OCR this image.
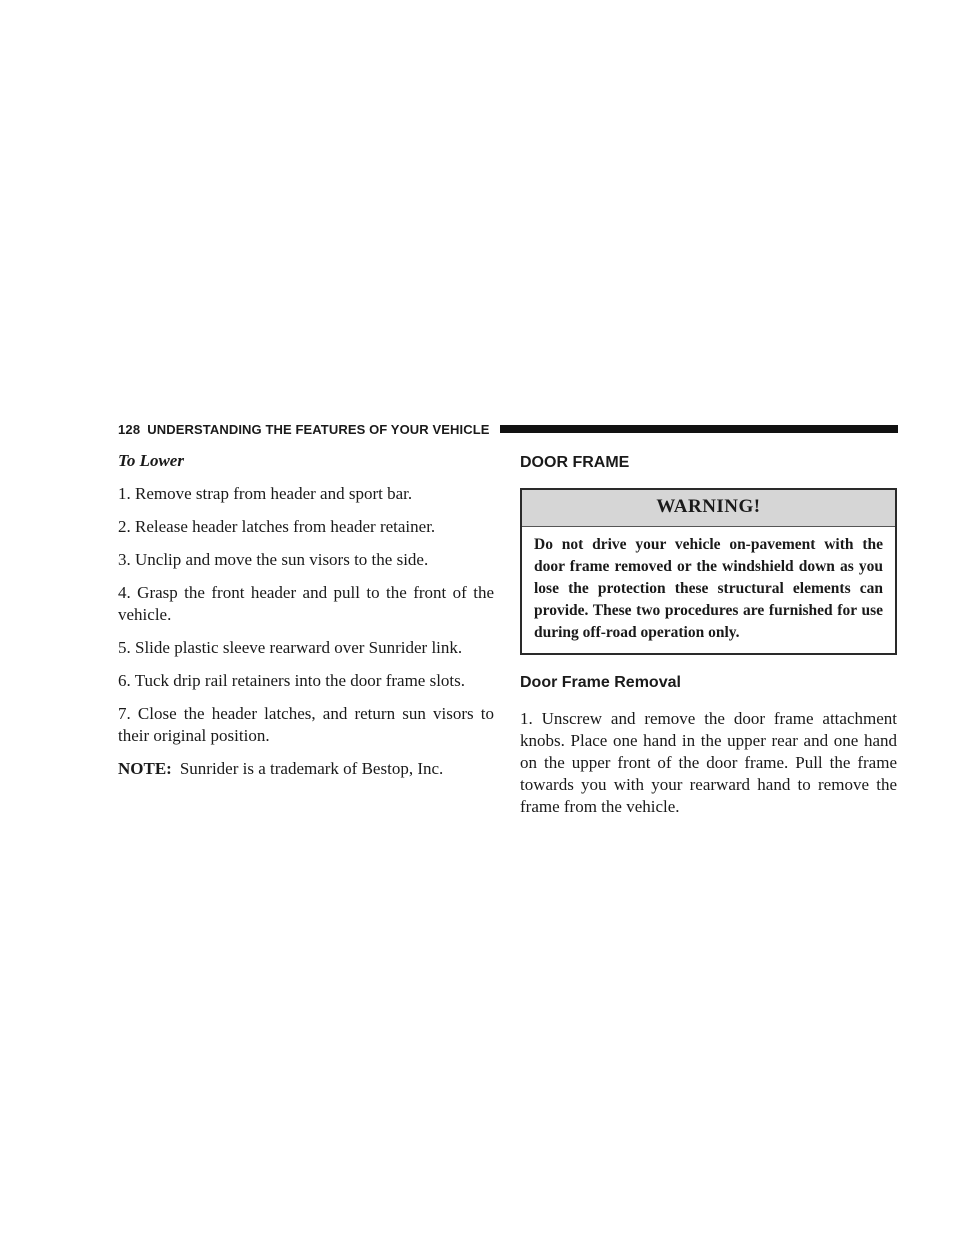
128 UNDERSTANDING THE FEATURES OF YOUR VEHICLE

To Lower

1. Remove strap from header and sport bar.

2. Release header latches from header retainer.

3. Unclip and move the sun visors to the side.

4. Grasp the front header and pull to the front of the vehicle.

5. Slide plastic sleeve rearward over Sunrider link.

6. Tuck drip rail retainers into the door frame slots.

7. Close the header latches, and return sun visors to their original position.

NOTE: Sunrider is a trademark of Bestop, Inc.

DOOR FRAME
WARNING!
Do not drive your vehicle on-pavement with the door frame removed or the windshield down as you lose the protection these structural elements can provide. These two procedures are furnished for use during off-road operation only.
Door Frame Removal

1. Unscrew and remove the door frame attachment knobs. Place one hand in the upper rear and one hand on the upper front of the door frame. Pull the frame towards you with your rearward hand to remove the frame from the vehicle.
